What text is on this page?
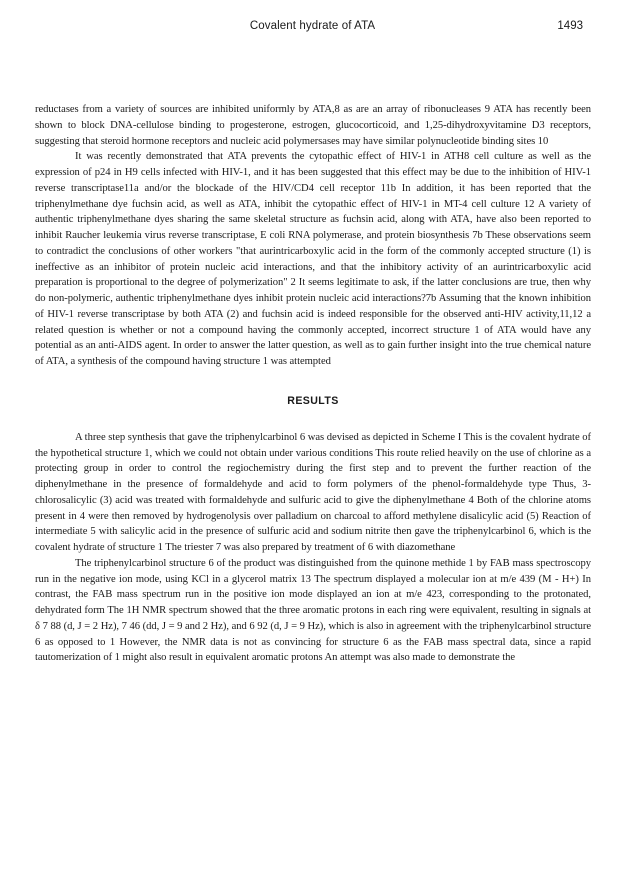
Covalent hydrate of ATA	1493

reductases from a variety of sources are inhibited uniformly by ATA,8 as are an array of ribonucleases 9 ATA has recently been shown to block DNA-cellulose binding to progesterone, estrogen, glucocorticoid, and 1,25-dihydroxyvitamine D3 receptors, suggesting that steroid hormone receptors and nucleic acid polymersases may have similar polynucleotide binding sites 10

It was recently demonstrated that ATA prevents the cytopathic effect of HIV-1 in ATH8 cell culture as well as the expression of p24 in H9 cells infected with HIV-1, and it has been suggested that this effect may be due to the inhibition of HIV-1 reverse transcriptase11a and/or the blockade of the HIV/CD4 cell receptor 11b In addition, it has been reported that the triphenylmethane dye fuchsin acid, as well as ATA, inhibit the cytopathic effect of HIV-1 in MT-4 cell culture 12 A variety of authentic triphenylmethane dyes sharing the same skeletal structure as fuchsin acid, along with ATA, have also been reported to inhibit Raucher leukemia virus reverse transcriptase, E coli RNA polymerase, and protein biosynthesis 7b These observations seem to contradict the conclusions of other workers "that aurintricarboxylic acid in the form of the commonly accepted structure (1) is ineffective as an inhibitor of protein nucleic acid interactions, and that the inhibitory activity of an aurintricarboxylic acid preparation is proportional to the degree of polymerization" 2 It seems legitimate to ask, if the latter conclusions are true, then why do non-polymeric, authentic triphenylmethane dyes inhibit protein nucleic acid interactions?7b Assuming that the known inhibition of HIV-1 reverse transcriptase by both ATA (2) and fuchsin acid is indeed responsible for the observed anti-HIV activity,11,12 a related question is whether or not a compound having the commonly accepted, incorrect structure 1 of ATA would have any potential as an anti-AIDS agent. In order to answer the latter question, as well as to gain further insight into the true chemical nature of ATA, a synthesis of the compound having structure 1 was attempted

RESULTS

A three step synthesis that gave the triphenylcarbinol 6 was devised as depicted in Scheme I This is the covalent hydrate of the hypothetical structure 1, which we could not obtain under various conditions This route relied heavily on the use of chlorine as a protecting group in order to control the regiochemistry during the first step and to prevent the further reaction of the diphenylmethane in the presence of formaldehyde and acid to form polymers of the phenol-formaldehyde type Thus, 3-chlorosalicylic (3) acid was treated with formaldehyde and sulfuric acid to give the diphenylmethane 4 Both of the chlorine atoms present in 4 were then removed by hydrogenolysis over palladium on charcoal to afford methylene disalicylic acid (5) Reaction of intermediate 5 with salicylic acid in the presence of sulfuric acid and sodium nitrite then gave the triphenylcarbinol 6, which is the covalent hydrate of structure 1 The triester 7 was also prepared by treatment of 6 with diazomethane

The triphenylcarbinol structure 6 of the product was distinguished from the quinone methide 1 by FAB mass spectroscopy run in the negative ion mode, using KCl in a glycerol matrix 13 The spectrum displayed a molecular ion at m/e 439 (M - H+) In contrast, the FAB mass spectrum run in the positive ion mode displayed an ion at m/e 423, corresponding to the protonated, dehydrated form The 1H NMR spectrum showed that the three aromatic protons in each ring were equivalent, resulting in signals at δ 7 88 (d, J = 2 Hz), 7 46 (dd, J = 9 and 2 Hz), and 6 92 (d, J = 9 Hz), which is also in agreement with the triphenylcarbinol structure 6 as opposed to 1 However, the NMR data is not as convincing for structure 6 as the FAB mass spectral data, since a rapid tautomerization of 1 might also result in equivalent aromatic protons An attempt was also made to demonstrate the
